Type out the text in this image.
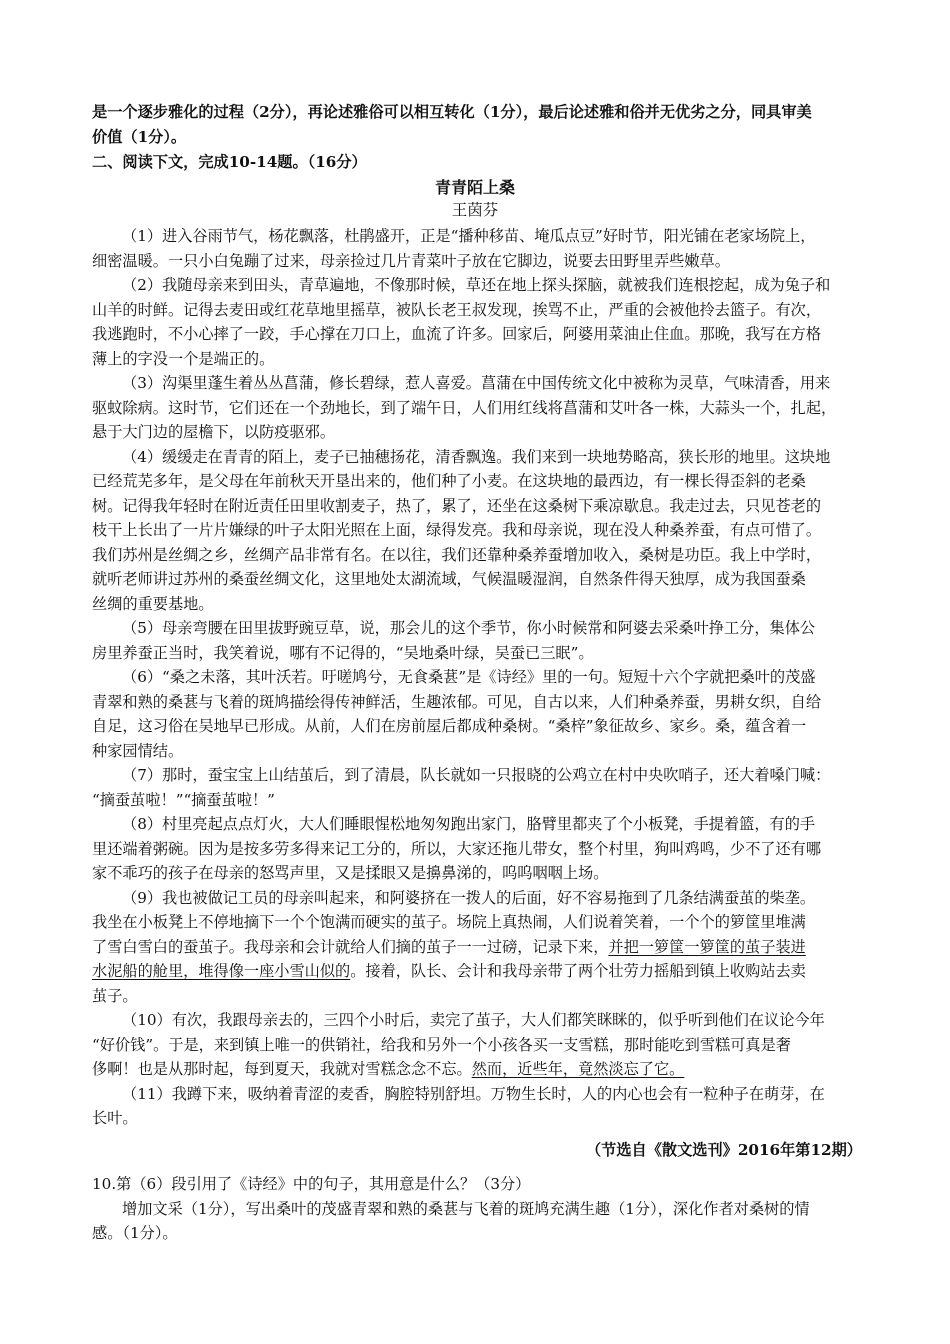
是一个逐步雅化的过程（2分），再论述雅俗可以相互转化（1分），最后论述雅和俗并无优劣之分，同具审美
价值（1分）。
二、阅读下文，完成10-14题。（16分）
青青陌上桑
王茵芬
（1）进入谷雨节气，杨花飘落，杜鹃盛开，正是“播种移苗、埯瓜点豆”好时节，阳光铺在老家场院上，
细密温暖。一只小白兔蹦了过来，母亲捡过几片青菜叶子放在它脚边，说要去田野里弄些嫩草。
（2）我随母亲来到田头，青草遍地，不像那时候，草还在地上探头探脑，就被我们连根挖起，成为兔子和
山羊的时鲜。记得去麦田或红花草地里摇草，被队长老王叔发现，挨骂不止，严重的会被他拎去篮子。有次，
我逃跑时，不小心摔了一跤，手心撑在刀口上，血流了许多。回家后，阿婆用菜油止住血。那晚，我写在方格
薄上的字没一个是端正的。
（3）沟渠里蓬生着丛丛菖蒲，修长碧绿，惹人喜爱。菖蒲在中国传统文化中被称为灵草，气味清香，用来
驱蚊除病。这时节，它们还在一个劲地长，到了端午日，人们用红线将菖蒲和艾叶各一株，大蒜头一个，扎起，
悬于大门边的屋檐下，以防疫驱邪。
（4）缓缓走在青青的陌上，麦子已抽穗扬花，清香飘逸。我们来到一块地势略高，狭长形的地里。这块地
已经荒芜多年，是父母在年前秋天开垦出来的，他们种了小麦。在这块地的最西边，有一棵长得歪斜的老桑
树。记得我年轻时在附近责任田里收割麦子，热了，累了，还坐在这桑树下乘凉歇息。我走过去，只见苍老的
枝干上长出了一片片嫌绿的叶子太阳光照在上面，绿得发亮。我和母亲说，现在没人种桑养蚕，有点可惜了。
我们苏州是丝绸之乡，丝绸产品非常有名。在以往，我们还靠种桑养蚕增加收入，桑树是功臣。我上中学时，
就听老师讲过苏州的桑蚕丝绸文化，这里地处太湖流域，气候温暖湿润，自然条件得天独厚，成为我国蚕桑
丝绸的重要基地。
（5）母亲弯腰在田里拔野豌豆草，说，那会儿的这个季节，你小时候常和阿婆去采桑叶挣工分，集体公
房里养蚕正当时，我笑着说，哪有不记得的，“吴地桑叶绿，吴蚕已三眠”。
（6）“桑之未落，其叶沃若。吁嗟鸠兮，无食桑葚”是《诗经》里的一句。短短十六个字就把桑叶的茂盛
青翠和熟的桑葚与飞着的斑鸠描绘得传神鲜活，生趣浓郁。可见，自古以来，人们种桑养蚕，男耕女织，自给
自足，这习俗在吴地早已形成。从前，人们在房前屋后都成种桑树。“桑梓”象征故乡、家乡。桑，蕴含着一
种家园情结。
（7）那时，蚕宝宝上山结茧后，到了清晨，队长就如一只报晓的公鸡立在村中央吹哨子，还大着嗓门喊：
“摘蚕茧啦！”“摘蚕茧啦！”
（8）村里亮起点点灯火，大人们睡眼惺松地匆匆跑出家门，胳臂里都夹了个小板凳，手提着篮，有的手
里还端着粥碗。因为是按多劳多得来记工分的，所以，大家还拖儿带女，整个村里，狗叫鸡鸣，少不了还有哪
家不乖巧的孩子在母亲的怒骂声里，又是揉眼又是擤鼻涕的，呜呜咽咽上场。
（9）我也被做记工员的母亲叫起来，和阿婆挤在一拨人的后面，好不容易拖到了几条结满蚕茧的柴垄。
我坐在小板凳上不停地摘下一个个饱满而硬实的茧子。场院上真热闹，人们说着笑着，一个个的箩筐里堆满
了雪白雪白的蚕茧子。我母亲和会计就给人们摘的茧子一一过磅，记录下来，并把一箩筐一箩筐的茧子装进
水泥船的舱里，堆得像一座小雪山似的。接着，队长、会计和我母亲带了两个壮劳力摇船到镇上收购站去卖
茧子。
（10）有次，我跟母亲去的，三四个小时后，卖完了茧子，大人们都笑眯眯的，似乎听到他们在议论今年
“好价钱”。于是，来到镇上唯一的供销社，给我和另外一个小孩各买一支雪糕，那时能吃到雪糕可真是奢
侈啊！也是从那时起，每到夏天，我就对雪糕念念不忘。然而，近些年，竟然淡忘了它。
（11）我蹲下来，吸纳着青涩的麦香，胸腔特别舒坦。万物生长时，人的内心也会有一粒种子在萌芽，在
长叶。
（节选自《散文选刊》2016年第12期）
10.第（6）段引用了《诗经》中的句子，其用意是什么？（3分）
增加文采（1分），写出桑叶的茂盛青翠和熟的桑葚与飞着的斑鸠充满生趣（1分），深化作者对桑树的情
感。（1分）。
